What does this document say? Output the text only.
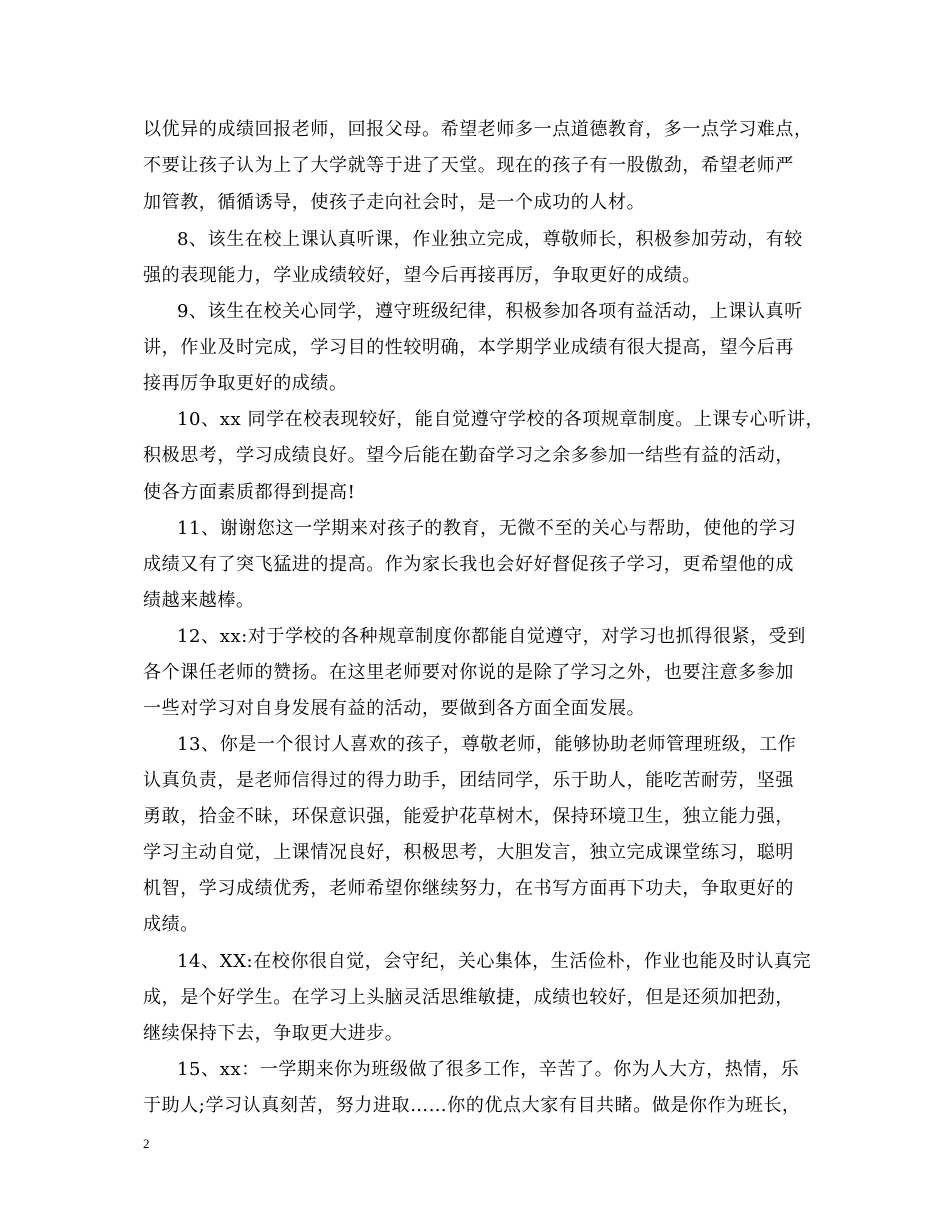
以优异的成绩回报老师，回报父母。希望老师多一点道德教育，多一点学习难点，
不要让孩子认为上了大学就等于进了天堂。现在的孩子有一股傲劲，希望老师严
加管教，循循诱导，使孩子走向社会时，是一个成功的人材。
8、该生在校上课认真听课，作业独立完成，尊敬师长，积极参加劳动，有较
强的表现能力，学业成绩较好，望今后再接再厉，争取更好的成绩。
9、该生在校关心同学，遵守班级纪律，积极参加各项有益活动，上课认真听
讲，作业及时完成，学习目的性较明确，本学期学业成绩有很大提高，望今后再
接再厉争取更好的成绩。
10、xx 同学在校表现较好，能自觉遵守学校的各项规章制度。上课专心听讲，
积极思考，学习成绩良好。望今后能在勤奋学习之余多参加一结些有益的活动，
使各方面素质都得到提高!
11、谢谢您这一学期来对孩子的教育，无微不至的关心与帮助，使他的学习
成绩又有了突飞猛进的提高。作为家长我也会好好督促孩子学习，更希望他的成
绩越来越棒。
12、xx:对于学校的各种规章制度你都能自觉遵守，对学习也抓得很紧，受到
各个课任老师的赞扬。在这里老师要对你说的是除了学习之外，也要注意多参加
一些对学习对自身发展有益的活动，要做到各方面全面发展。
13、你是一个很讨人喜欢的孩子，尊敬老师，能够协助老师管理班级，工作
认真负责，是老师信得过的得力助手，团结同学，乐于助人，能吃苦耐劳，坚强
勇敢，拾金不昧，环保意识强，能爱护花草树木，保持环境卫生，独立能力强，
学习主动自觉，上课情况良好，积极思考，大胆发言，独立完成课堂练习，聪明
机智，学习成绩优秀，老师希望你继续努力，在书写方面再下功夫，争取更好的
成绩。
14、XX:在校你很自觉，会守纪，关心集体，生活俭朴，作业也能及时认真完
成，是个好学生。在学习上头脑灵活思维敏捷，成绩也较好，但是还须加把劲，
继续保持下去，争取更大进步。
15、xx：一学期来你为班级做了很多工作，辛苦了。你为人大方，热情，乐
于助人;学习认真刻苦，努力进取……你的优点大家有目共睹。做是你作为班长，
2
